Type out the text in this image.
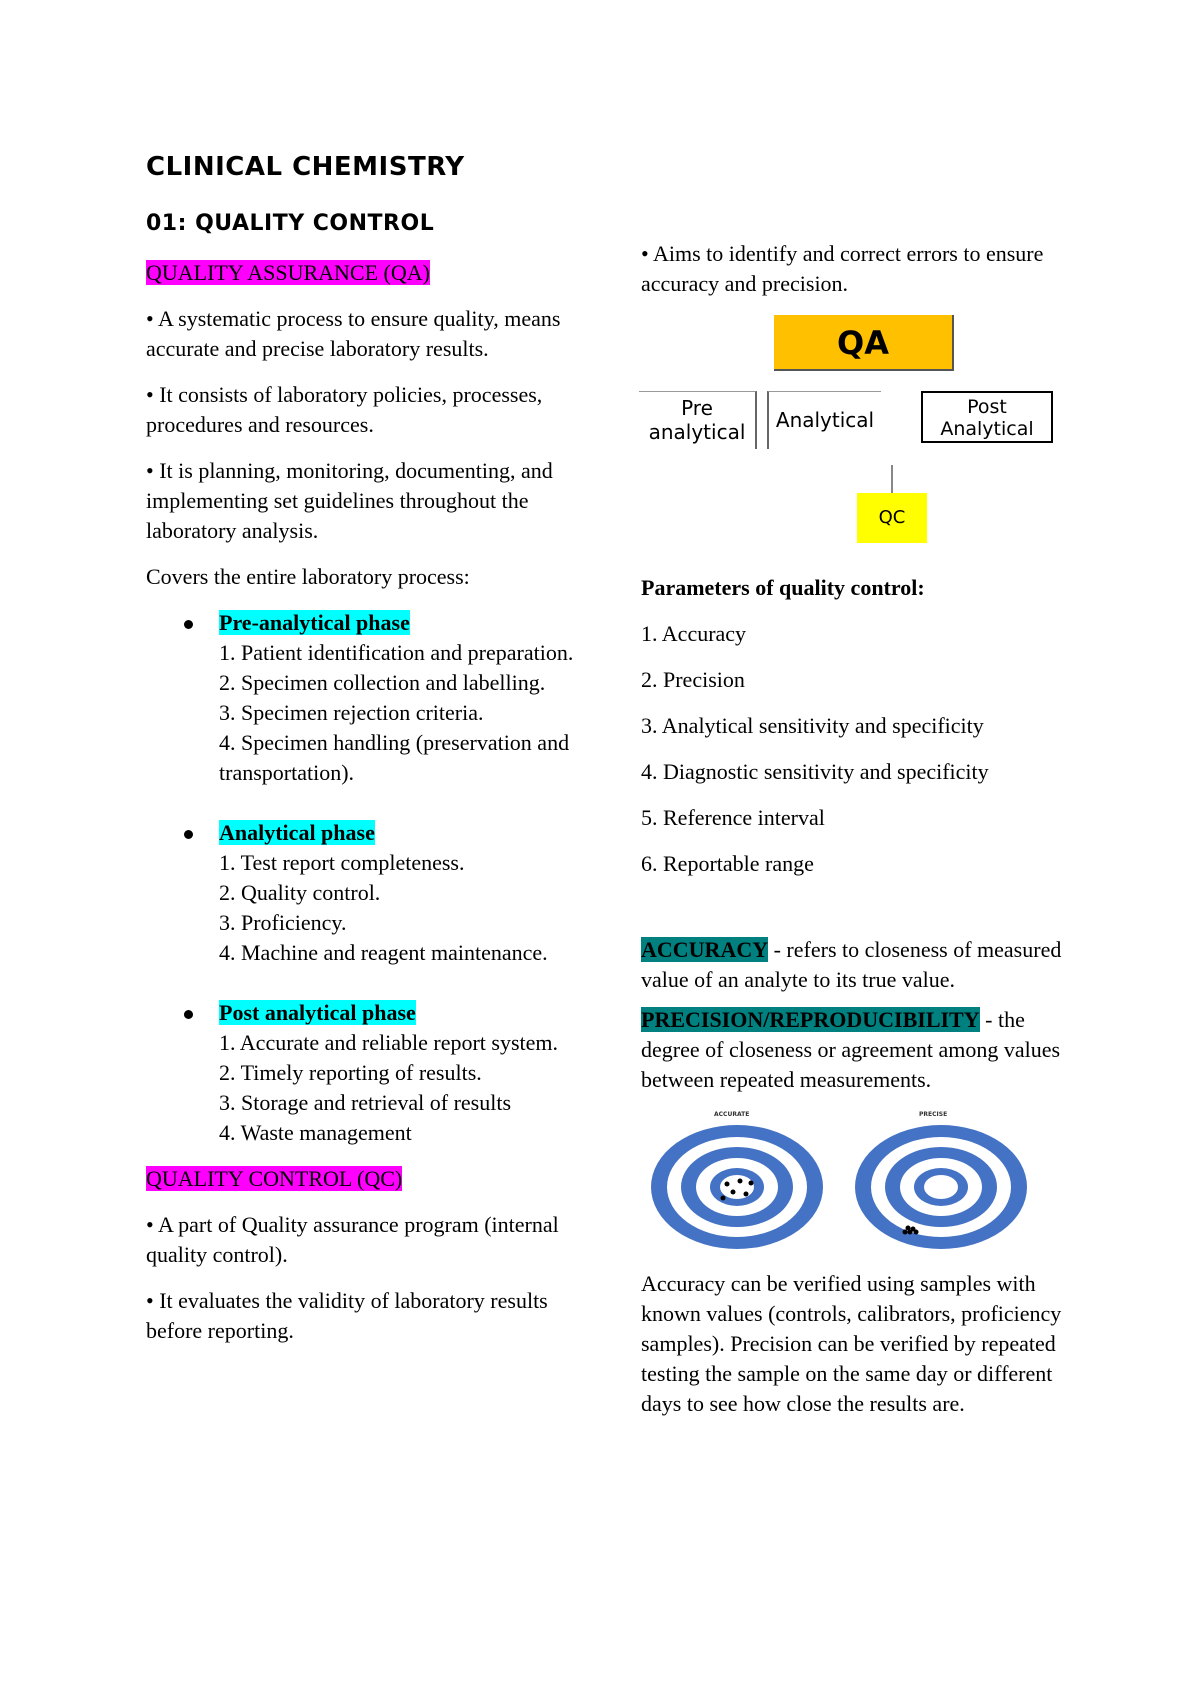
CLINICAL CHEMISTRY
01: QUALITY CONTROL

QUALITY ASSURANCE (QA)

• A systematic process to ensure quality, means accurate and precise laboratory results.

• It consists of laboratory policies, processes, procedures and resources.

• It is planning, monitoring, documenting, and implementing set guidelines throughout the laboratory analysis.

Covers the entire laboratory process:

Pre-analytical phase
1. Patient identification and preparation.
2. Specimen collection and labelling.
3. Specimen rejection criteria.
4. Specimen handling (preservation and transportation).
Analytical phase
1. Test report completeness.
2. Quality control.
3. Proficiency.
4. Machine and reagent maintenance.
Post analytical phase
1. Accurate and reliable report system.
2. Timely reporting of results.
3. Storage and retrieval of results
4. Waste management

QUALITY CONTROL (QC)

• A part of Quality assurance program (internal quality control).

• It evaluates the validity of laboratory results before reporting.

• Aims to identify and correct errors to ensure accuracy and precision.

QA
Pre
analytical	Analytical
Post
Analytical
QC

Parameters of quality control:

1. Accuracy

2. Precision

3. Analytical sensitivity and specificity

4. Diagnostic sensitivity and specificity

5. Reference interval

6. Reportable range

ACCURACY - refers to closeness of measured value of an analyte to its true value.

PRECISION/REPRODUCIBILITY - the degree of closeness or agreement among values between repeated measurements.

ACCURATE	PRECISE

Accuracy can be verified using samples with known values (controls, calibrators, proficiency samples). Precision can be verified by repeated testing the sample on the same day or different days to see how close the results are.
